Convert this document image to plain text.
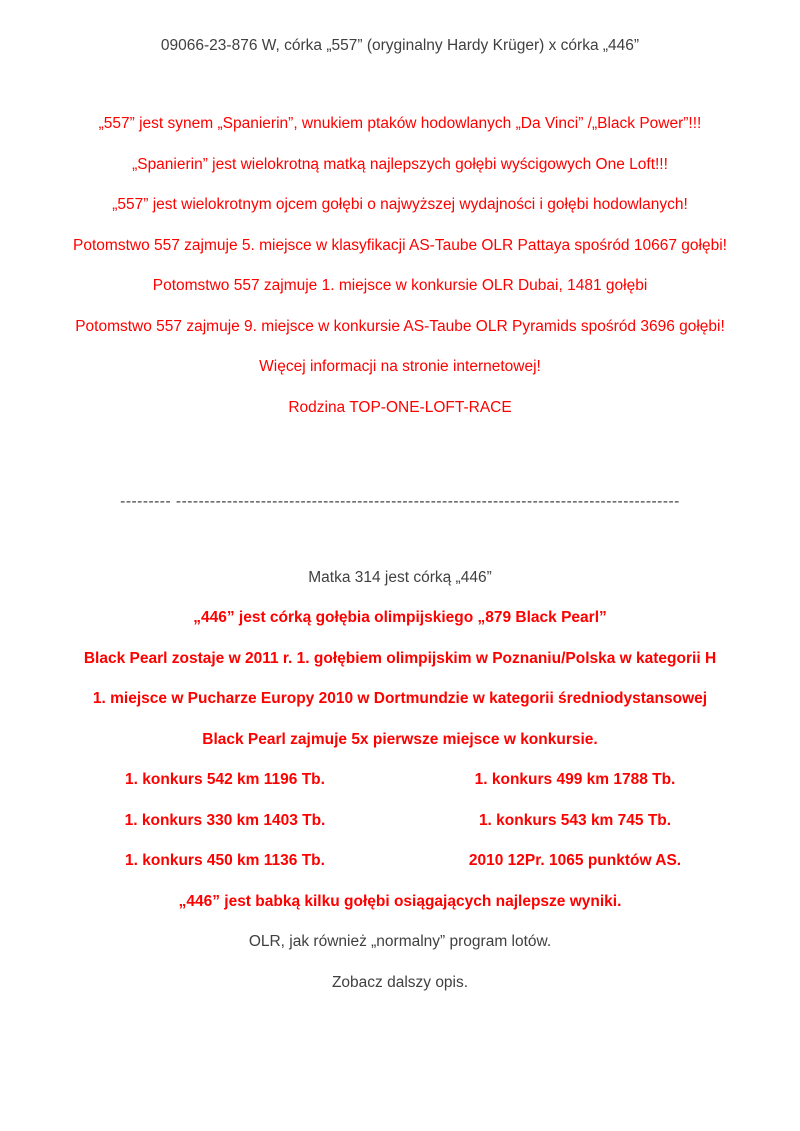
09066-23-876 W, córka „557” (oryginalny Hardy Krüger) x córka „446”

„557” jest synem „Spanierin”, wnukiem ptaków hodowlanych „Da Vinci” /„Black Power”!!!

„Spanierin” jest wielokrotną matką najlepszych gołębi wyścigowych One Loft!!!

„557” jest wielokrotnym ojcem gołębi o najwyższej wydajności i gołębi hodowlanych!

Potomstwo 557 zajmuje 5. miejsce w klasyfikacji AS-Taube OLR Pattaya spośród 10667 gołębi!

Potomstwo 557 zajmuje 1. miejsce w konkursie OLR Dubai, 1481 gołębi

Potomstwo 557 zajmuje 9. miejsce w konkursie AS-Taube OLR Pyramids spośród 3696 gołębi!

Więcej informacji na stronie internetowej!

Rodzina TOP-ONE-LOFT-RACE

--------- -----------------------------------------------------------------------------------------

Matka 314 jest córką „446”

„446” jest córką gołębia olimpijskiego „879 Black Pearl”

Black Pearl zostaje w 2011 r. 1. gołębiem olimpijskim w Poznaniu/Polska w kategorii H

1. miejsce w Pucharze Europy 2010 w Dortmundzie w kategorii średniodystansowej

Black Pearl zajmuje 5x pierwsze miejsce w konkursie.

1. konkurs 542 km 1196 Tb.	1. konkurs 499 km 1788 Tb.
1. konkurs 330 km 1403 Tb.	1. konkurs 543 km 745 Tb.
1. konkurs 450 km 1136 Tb.	2010 12Pr. 1065 punktów AS.

„446” jest babką kilku gołębi osiągających najlepsze wyniki.

OLR, jak również „normalny” program lotów.

Zobacz dalszy opis.
